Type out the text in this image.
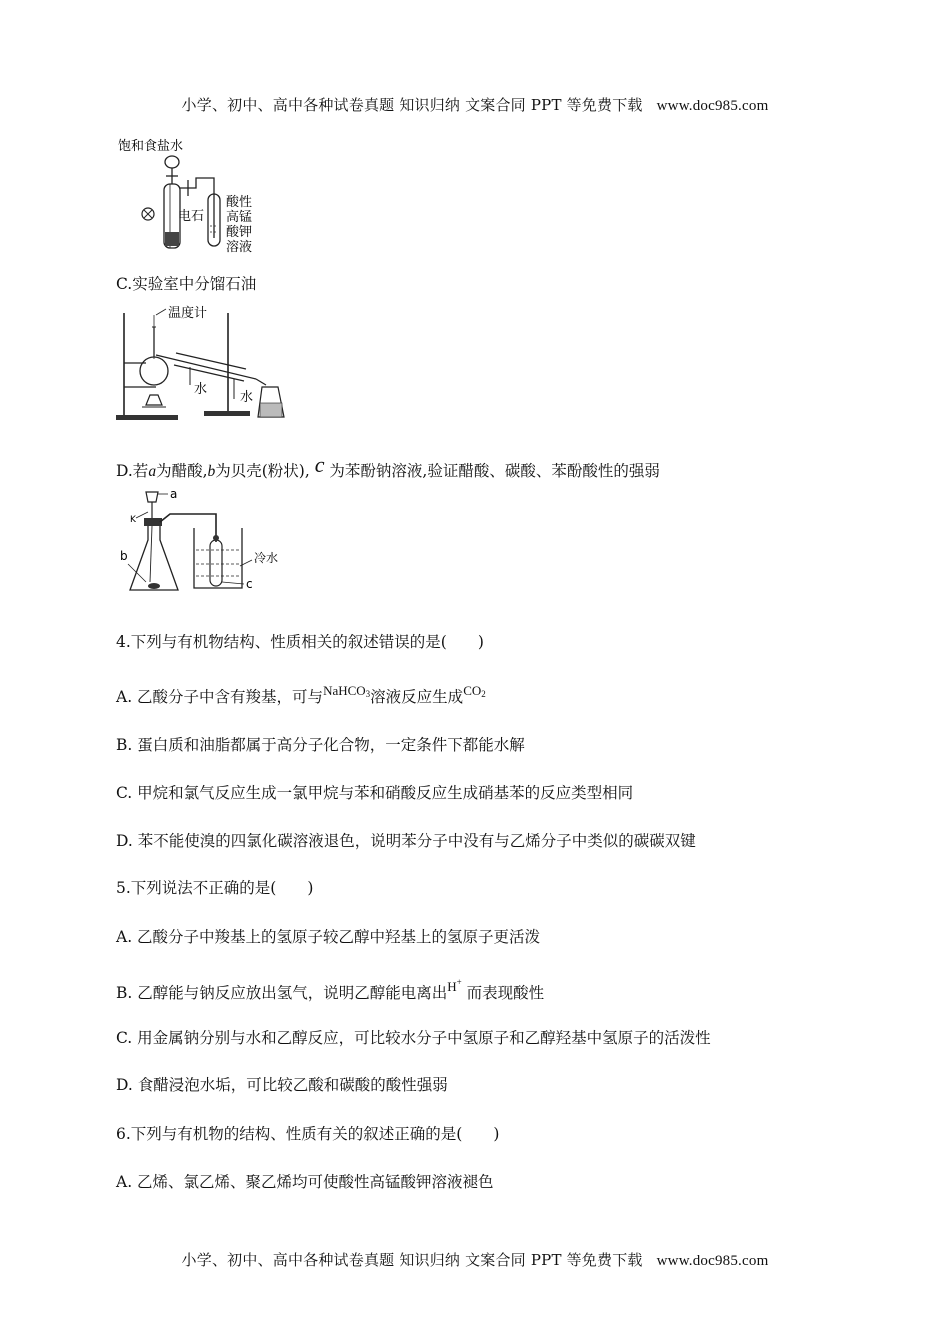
小学、初中、高中各种试卷真题 知识归纳 文案合同 PPT 等免费下载 www.doc985.com
饱和食盐水
电石
酸性
高锰
酸钾
溶液
C.实验室中分馏石油
温度计
水
水
D.若a为醋酸,b为贝壳(粉状), c 为苯酚钠溶液,验证醋酸、碳酸、苯酚酸性的强弱
a
K
b	冷水
c
4.下列与有机物结构、性质相关的叙述错误的是(　　)
A. 乙酸分子中含有羧基，可与$^{NaHCO_3}$溶液反应生成$^{CO_2}$
B. 蛋白质和油脂都属于高分子化合物，一定条件下都能水解
C. 甲烷和氯气反应生成一氯甲烷与苯和硝酸反应生成硝基苯的反应类型相同
D. 苯不能使溴的四氯化碳溶液退色，说明苯分子中没有与乙烯分子中类似的碳碳双键
5.下列说法不正确的是(　　)
A. 乙酸分子中羧基上的氢原子较乙醇中羟基上的氢原子更活泼
B. 乙醇能与钠反应放出氢气，说明乙醇能电离出$^{H^+}$ 而表现酸性
C. 用金属钠分别与水和乙醇反应，可比较水分子中氢原子和乙醇羟基中氢原子的活泼性
D. 食醋浸泡水垢，可比较乙酸和碳酸的酸性强弱
6.下列与有机物的结构、性质有关的叙述正确的是(　　)
A. 乙烯、氯乙烯、聚乙烯均可使酸性高锰酸钾溶液褪色
小学、初中、高中各种试卷真题 知识归纳 文案合同 PPT 等免费下载 www.doc985.com
